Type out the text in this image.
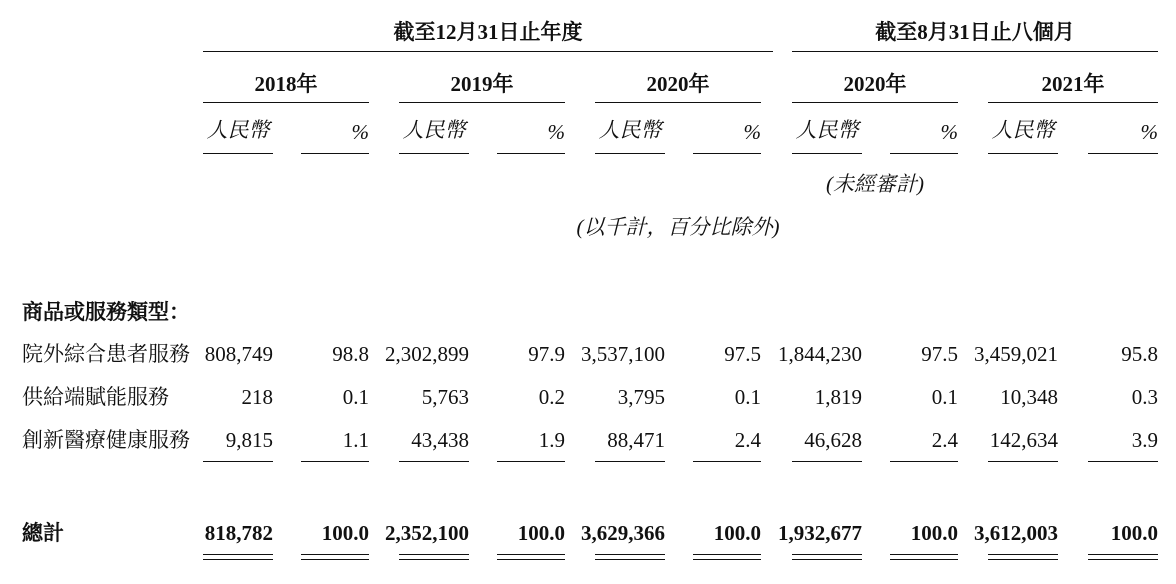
截至12月31日止年度	截至8月31日止八個月
2018年	2019年	2020年	2020年	2021年
人民幣	% 人民幣	% 人民幣	% 人民幣	% 人民幣	%
(未經審計)
(以千計，百分比除外)
商品或服務類型：
院外綜合患者服務 808,749	98.8 2,302,899	97.9 3,537,100	97.5 1,844,230	97.5 3,459,021	95.8
供給端賦能服務	218	0.1	5,763	0.2	3,795	0.1	1,819	0.1	10,348	0.3
創新醫療健康服務	9,815	1.1	43,438	1.9	88,471	2.4	46,628	2.4	142,634	3.9
總計	818,782	100.0 2,352,100	100.0 3,629,366	100.0 1,932,677	100.0 3,612,003	100.0
